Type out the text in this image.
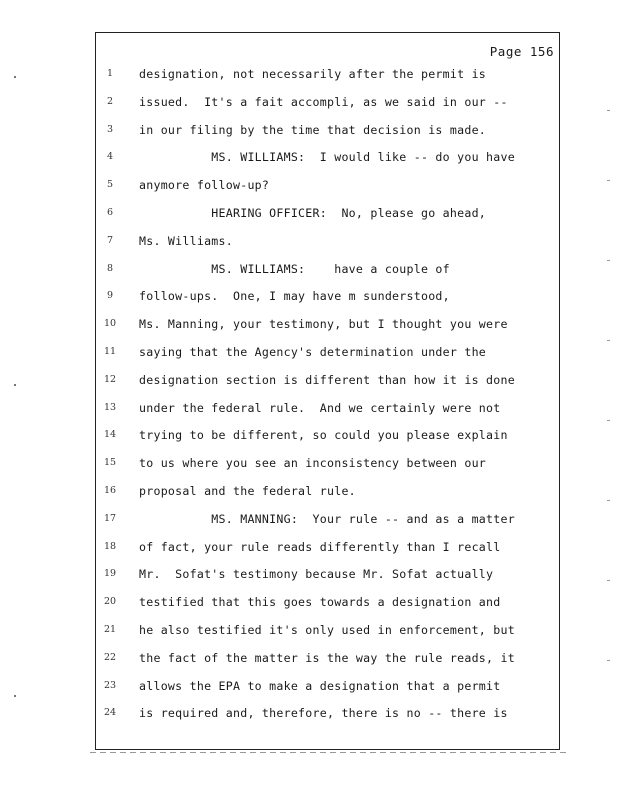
Page 156
1	designation, not necessarily after the permit is
2	issued.  It's a fait accompli, as we said in our --
3	in our filing by the time that decision is made.
4	MS. WILLIAMS:  I would like -- do you have
5	anymore follow-up?
6	HEARING OFFICER:  No, please go ahead,
7	Ms. Williams.
8	MS. WILLIAMS:    have a couple of
9	follow-ups.  One, I may have m sunderstood,
10	Ms. Manning, your testimony, but I thought you were
11	saying that the Agency's determination under the
12	designation section is different than how it is done
13	under the federal rule.  And we certainly were not
14	trying to be different, so could you please explain
15	to us where you see an inconsistency between our
16	proposal and the federal rule.
17	MS. MANNING:  Your rule -- and as a matter
18	of fact, your rule reads differently than I recall
19	Mr.  Sofat's testimony because Mr. Sofat actually
20	testified that this goes towards a designation and
21	he also testified it's only used in enforcement, but
22	the fact of the matter is the way the rule reads, it
23	allows the EPA to make a designation that a permit
24	is required and, therefore, there is no -- there is
